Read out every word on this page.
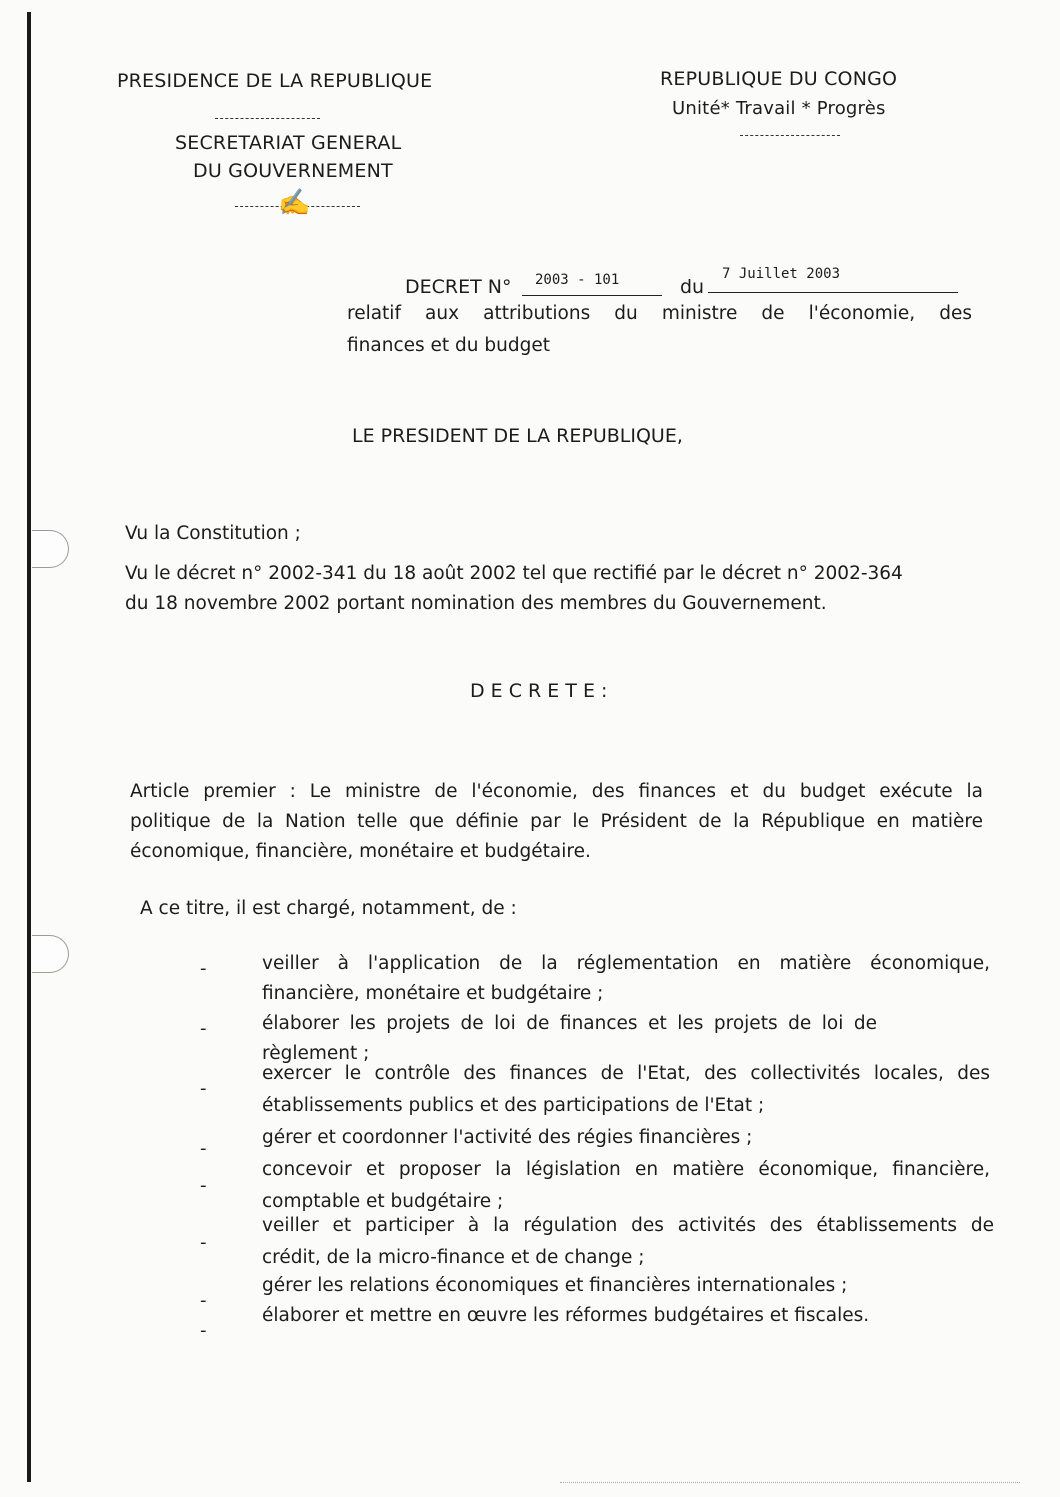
PRESIDENCE DE LA REPUBLIQUE
SECRETARIAT GENERAL
DU GOUVERNEMENT
✍
REPUBLIQUE DU CONGO
Unité* Travail * Progrès
DECRET N° 2003 - 101	du
7 Juillet 2003
relatif aux attributions du ministre de l'économie, des
finances et du budget
LE PRESIDENT DE LA REPUBLIQUE,
Vu la Constitution ;
Vu le décret n° 2002-341 du 18 août 2002 tel que rectifié par le décret n° 2002-364
du 18 novembre 2002 portant nomination des membres du Gouvernement.
D E C R E T E :
Article premier : Le ministre de l'économie, des finances et du budget exécute la
politique de la Nation telle que définie par le Président de la République en matière
économique, financière, monétaire et budgétaire.
A ce titre, il est chargé, notamment, de :
-	veiller à l'application de la réglementation en matière économique,
financière, monétaire et budgétaire ;
-	élaborer les projets de loi de finances et les projets de loi de
règlement ;
-
exercer le contrôle des finances de l'Etat, des collectivités locales, des
établissements publics et des participations de l'Etat ;
-
gérer et coordonner l'activité des régies financières ;
-
concevoir et proposer la législation en matière économique, financière,
comptable et budgétaire ;
-
veiller et participer à la régulation des activités des établissements de
crédit, de la micro-finance et de change ;
-
gérer les relations économiques et financières internationales ;
-
élaborer et mettre en œuvre les réformes budgétaires et fiscales.
